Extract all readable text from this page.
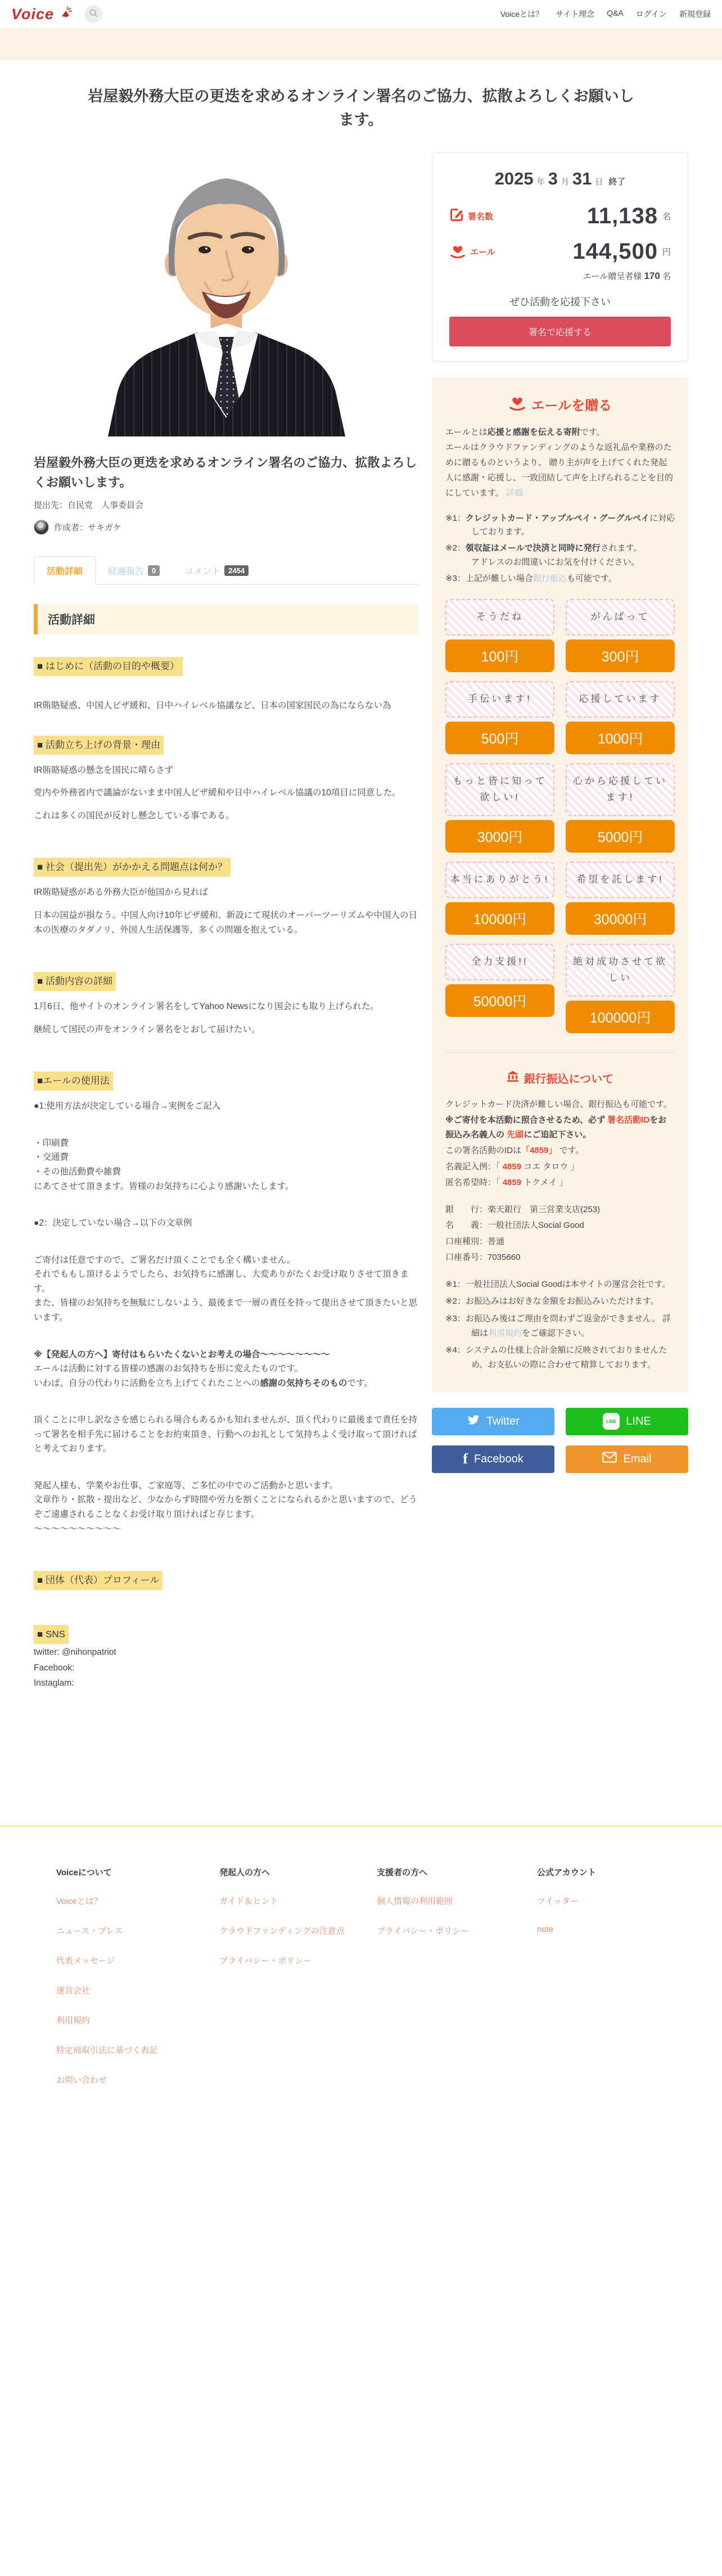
Voice	Voiceとは？ サイト理念 Q&A ログイン 新規登録
岩屋毅外務大臣の更迭を求めるオンライン署名のご協力、拡散よろしくお願いします。
岩屋毅外務大臣の更迭を求めるオンライン署名のご協力、拡散よろしくお願いします。
提出先：自民党　人事委員会
作成者：サキガケ
活動詳細	経過報告	0	コメント	2454
活動詳細

■ はじめに（活動の目的や概要）

IR賄賂疑惑、中国人ビザ緩和、日中ハイレベル協議など、日本の国家国民の為にならない為

■ 活動立ち上げの背景・理由

IR賄賂疑惑の懸念を国民に晴らさず

党内や外務省内で議論がないまま中国人ビザ緩和や日中ハイレベル協議の10項目に同意した。

これは多くの国民が反対し懸念している事である。

■ 社会（提出先）がかかえる問題点は何か？

IR賄賂疑惑がある外務大臣が他国から見れば

日本の国益が損なう。中国人向け10年ビザ緩和、新設にて現状のオーバーツーリズムや中国人の日本の医療のタダノリ、外国人生活保護等、多くの問題を抱えている。

■ 活動内容の詳細

1月6日、他サイトのオンライン署名をしてYahoo Newsになり国会にも取り上げられた。

継続して国民の声をオンライン署名をとおして届けたい。

■エールの使用法

●1:使用方法が決定している場合→実例をご記入

・印刷費

・交通費

・その他活動費や雑費

にあてさせて頂きます。皆様のお気持ちに心より感謝いたします。

●2：決定していない場合→以下の文章例

ご寄付は任意ですので、ご署名だけ頂くことでも全く構いません。

それでももし頂けるようでしたら、お気持ちに感謝し、大変ありがたくお受け取りさせて頂きます。

また、皆様のお気持ちを無駄にしないよう、最後まで一層の責任を持って提出させて頂きたいと思います。

※【発起人の方へ】寄付はもらいたくないとお考えの場合～～～～～～～～

エールは活動に対する皆様の感謝のお気持ちを形に変えたものです。

いわば、自分の代わりに活動を立ち上げてくれたことへの感謝の気持ちそのものです。

頂くことに申し訳なさを感じられる場合もあるかも知れませんが、頂く代わりに最後まで責任を持って署名を相手先に届けることをお約束頂き、行動へのお礼として気持ちよく受け取って頂ければと考えております。

発起人様も、学業やお仕事、ご家庭等、ご多忙の中でのご活動かと思います。

文章作り・拡散・提出など、少なからず時間や労力を割くことになられるかと思いますので、どうぞご遠慮されることなくお受け取り頂ければと存じます。

～～～～～～～～～～

■ 団体（代表）プロフィール

■ SNS

twitter: @nihonpatriot

Facebook:

Instaglam:

2025 年 3 月 31 日 終了
署名数	11,138 名
エール	144,500 円
エール贈呈者様 170 名
ぜひ活動を応援下さい
署名で応援する
エールを贈る
エールとは応援と感謝を伝える寄附です。
エールはクラウドファンディングのような返礼品や業務のために贈るものというより、 贈り主が声を上げてくれた発起人に感謝・応援し、一致団結して声を上げられることを目的にしています。 詳細
※1：クレジットカード・アップルペイ・グーグルペイに対応しております。
※2：領収証はメールで決済と同時に発行されます。
アドレスのお間違いにお気を付けください。
※3：上記が難しい場合銀行振込も可能です。
そうだね
100円
がんばって
300円
手伝います!
500円
応援しています
1000円
もっと皆に知って欲しい!
3000円
心から応援しています!
5000円
本当にありがとう!
10000円
希望を託します!
30000円
全力支援!!
50000円
絶対成功させて欲しい
100000円
銀行振込について

クレジットカード決済が難しい場合、銀行振込も可能です。

※ご寄付を本活動に照合させるため、必ず 署名活動IDをお振込み名義人の 先頭にご追記下さい。

この署名活動のIDは「4859」 です。

名義記入例：「 4859 コエ タロウ 」

匿名希望時：「 4859 トクメイ 」

銀　　行：楽天銀行　第三営業支店(253)

名　　義：一般社団法人Social Good

口座種別：普通

口座番号：7035660

※1：一般社団法人Social Goodは本サイトの運営会社です。
※2：お振込みはお好きな金額をお振込みいただけます。
※3：お振込み後はご理由を問わずご返金ができません。 詳細は利用規約をご確認下さい。
※4：システムの仕様上合計金額に反映されておりませんため、お支払いの際に合わせて精算しております。
Twitter	LINE LINE
f Facebook	Email
Voiceについて
Voiceとは？
ニュース・プレス
代表メッセージ
運営会社
利用規約
特定商取引法に基づく表記
お問い合わせ
発起人の方へ
ガイド＆ヒント
クラウドファンディングの注意点
プライバシー・ポリシー
支援者の方へ
個人情報の利用範囲
プライバシー・ポリシー
公式アカウント
ツイッター
note
